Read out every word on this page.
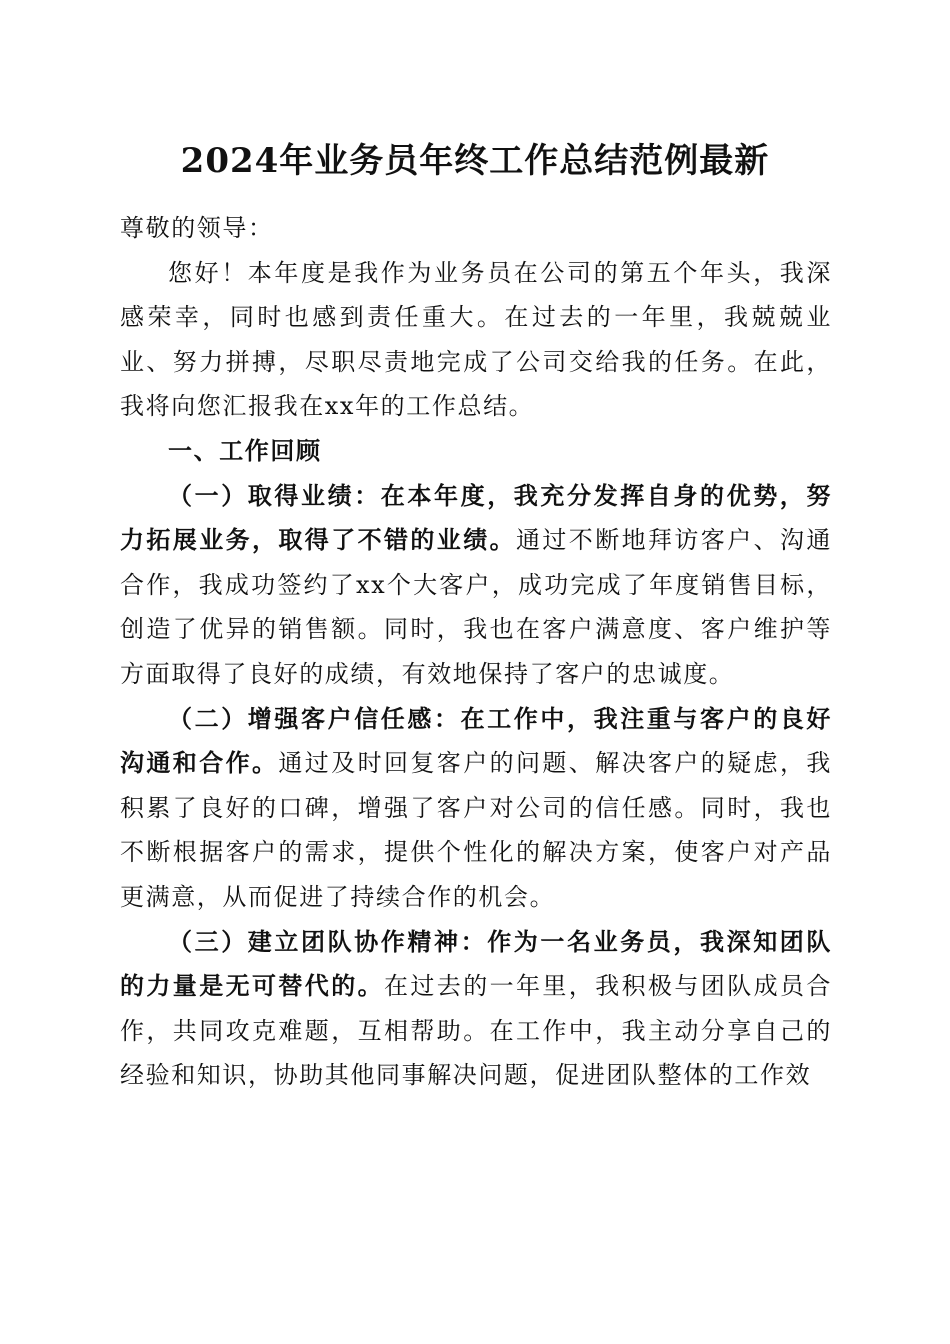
2024年业务员年终工作总结范例最新

尊敬的领导：

您好！本年度是我作为业务员在公司的第五个年头，我深感荣幸，同时也感到责任重大。在过去的一年里，我兢兢业业、努力拼搏，尽职尽责地完成了公司交给我的任务。在此，我将向您汇报我在xx年的工作总结。

一、工作回顾

（一）取得业绩：在本年度，我充分发挥自身的优势，努力拓展业务，取得了不错的业绩。通过不断地拜访客户、沟通合作，我成功签约了xx个大客户，成功完成了年度销售目标，创造了优异的销售额。同时，我也在客户满意度、客户维护等方面取得了良好的成绩，有效地保持了客户的忠诚度。

（二）增强客户信任感：在工作中，我注重与客户的良好沟通和合作。通过及时回复客户的问题、解决客户的疑虑，我积累了良好的口碑，增强了客户对公司的信任感。同时，我也不断根据客户的需求，提供个性化的解决方案，使客户对产品更满意，从而促进了持续合作的机会。

（三）建立团队协作精神：作为一名业务员，我深知团队的力量是无可替代的。在过去的一年里，我积极与团队成员合作，共同攻克难题，互相帮助。在工作中，我主动分享自己的经验和知识，协助其他同事解决问题，促进团队整体的工作效
